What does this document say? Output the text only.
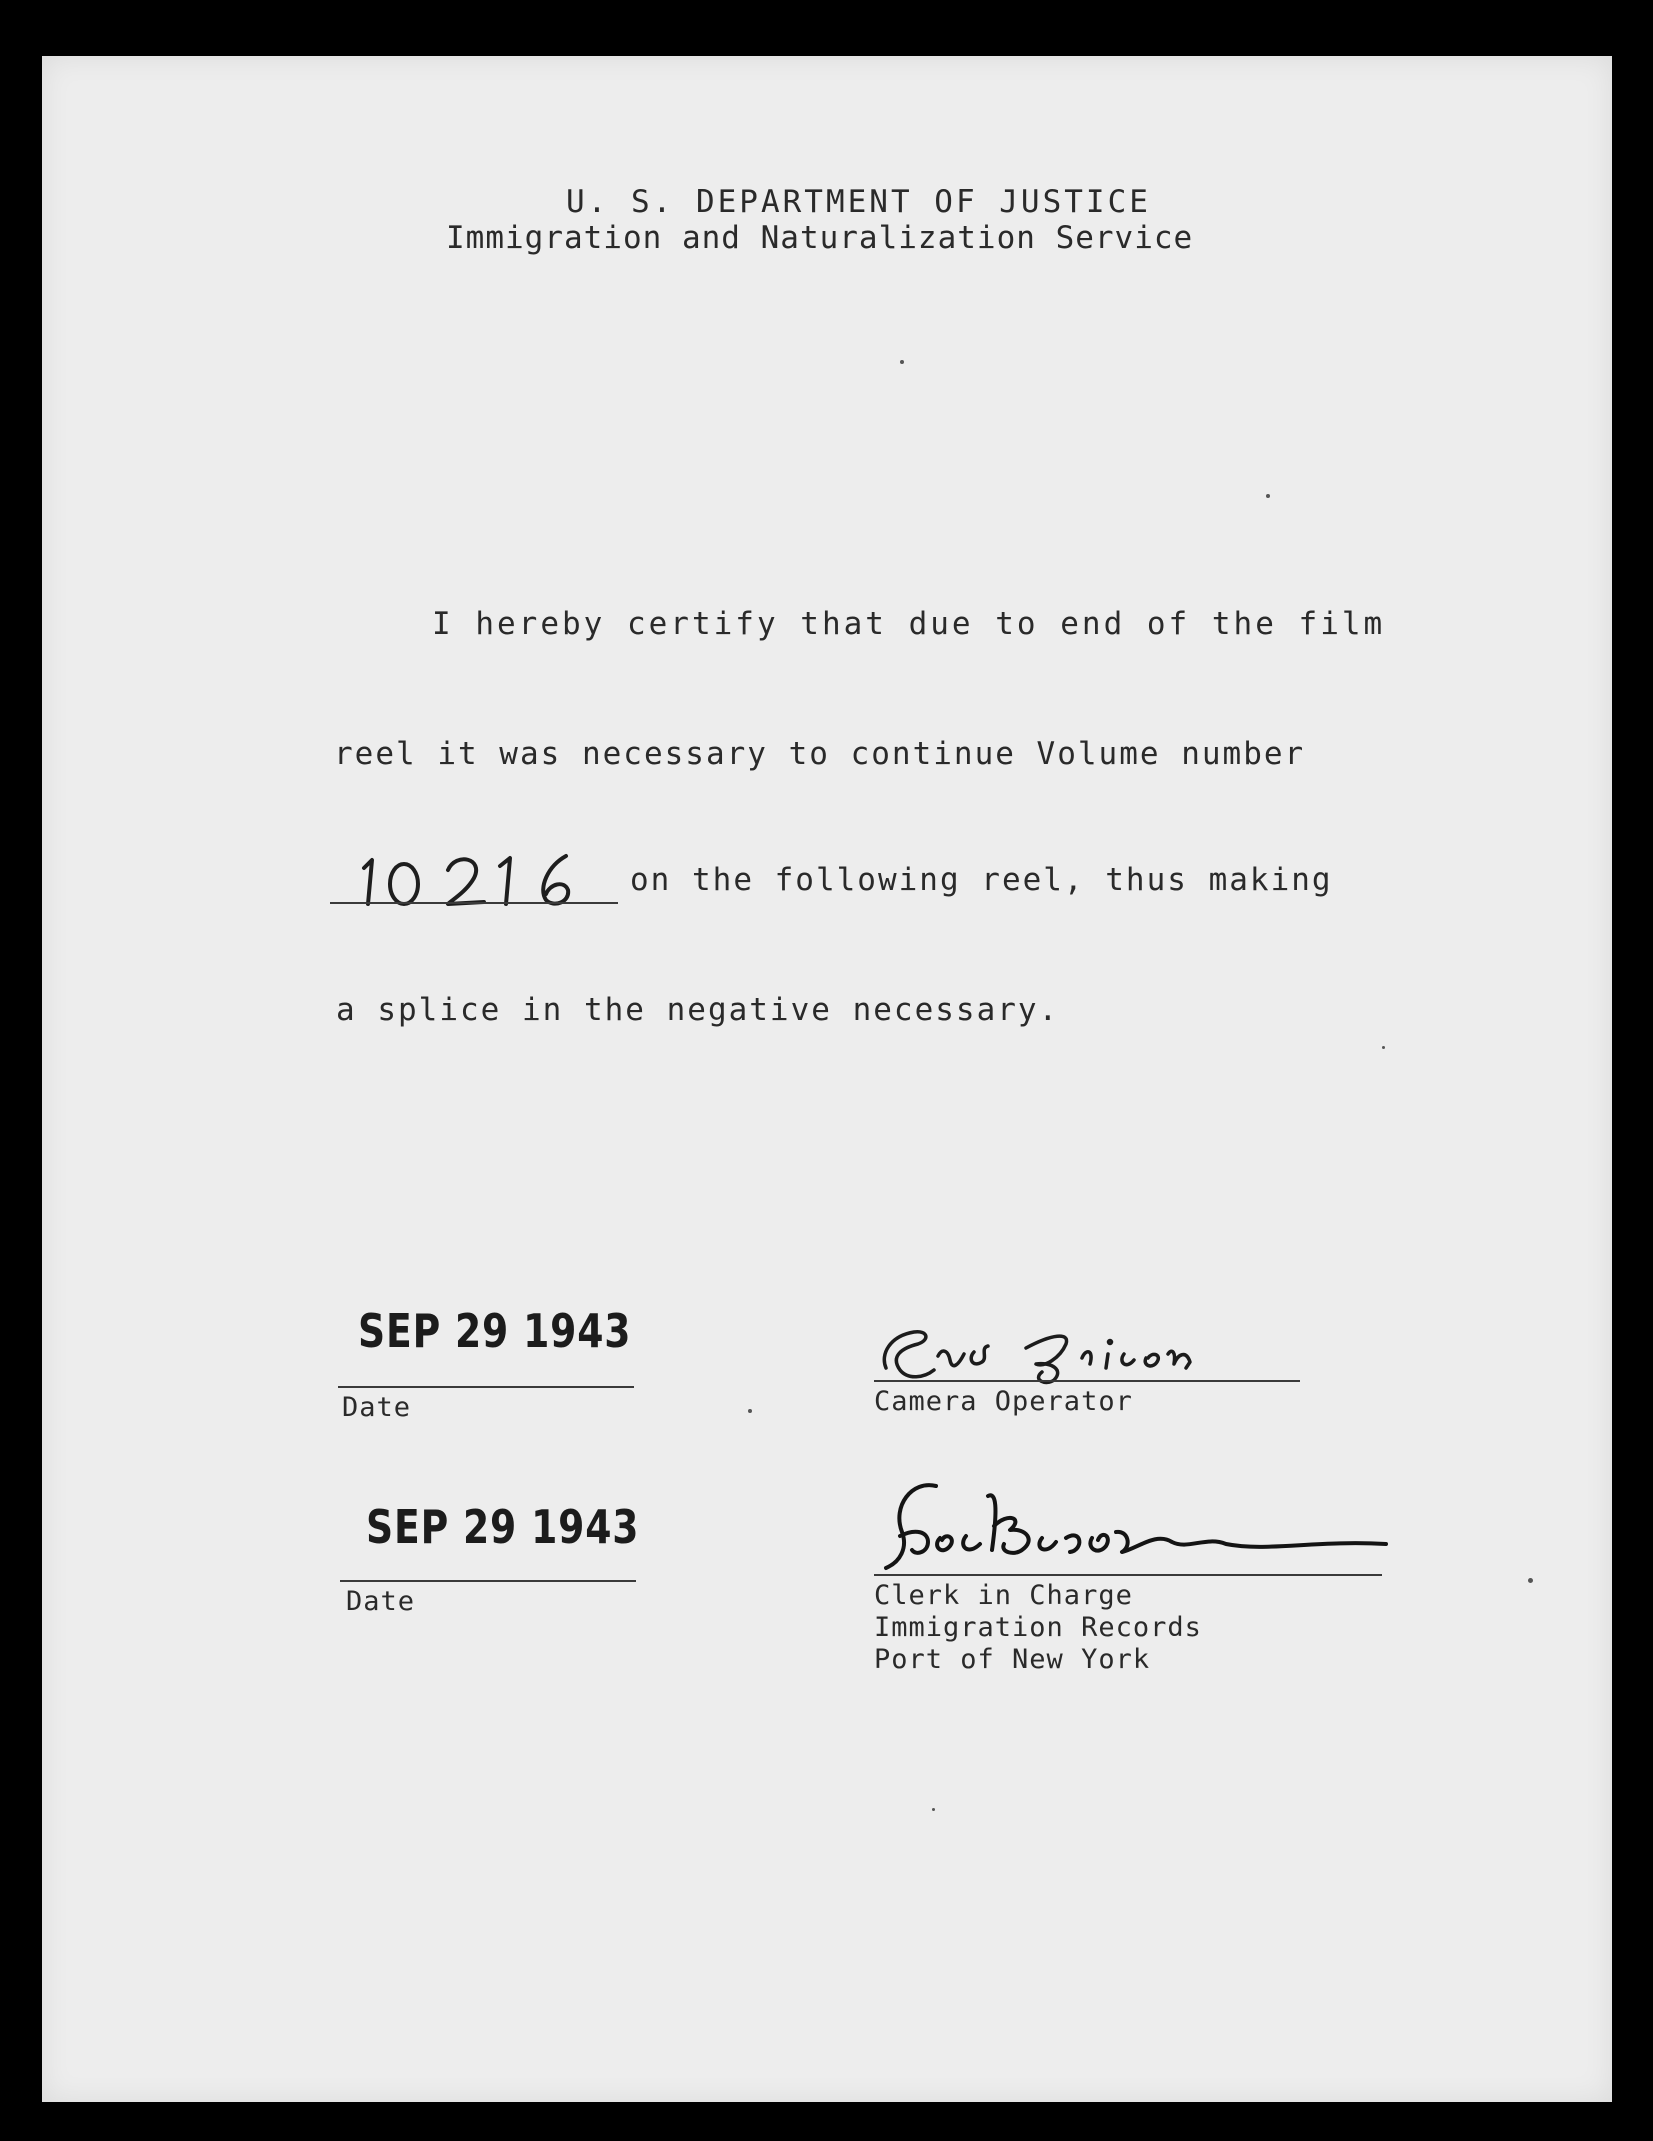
U. S. DEPARTMENT OF JUSTICE
Immigration and Naturalization Service
I hereby certify that due to end of the film
reel it was necessary to continue Volume number
on the following reel, thus making
a splice in the negative necessary.
SEP 29 1943
Date
SEP 29 1943
Date
Camera Operator
Clerk in Charge
Immigration Records
Port of New York
